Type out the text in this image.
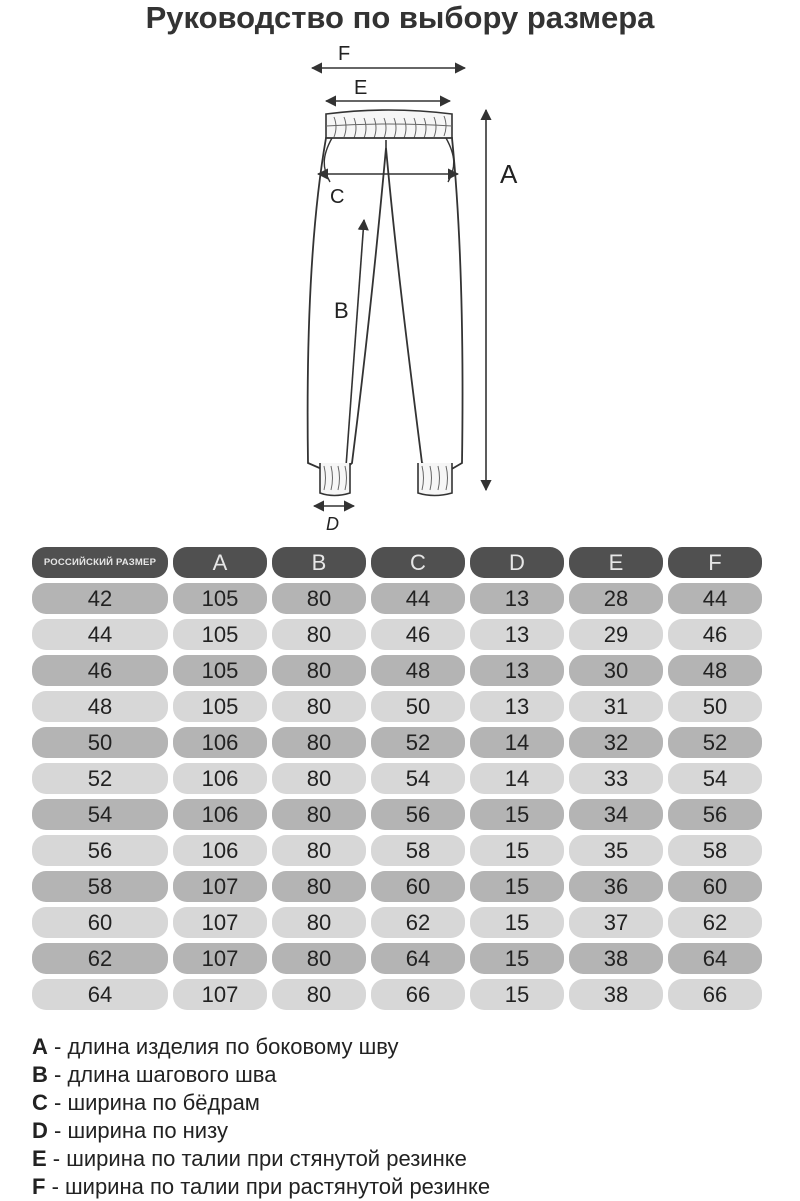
Руководство по выбору размера
F
E
A
C
B
D
РОССИЙСКИЙ РАЗМЕР	A	B	C	D	E	F
42	105	80	44	13	28	44
44	105	80	46	13	29	46
46	105	80	48	13	30	48
48	105	80	50	13	31	50
50	106	80	52	14	32	52
52	106	80	54	14	33	54
54	106	80	56	15	34	56
56	106	80	58	15	35	58
58	107	80	60	15	36	60
60	107	80	62	15	37	62
62	107	80	64	15	38	64
64	107	80	66	15	38	66
A - длина изделия по боковому шву
B - длина шагового шва
C - ширина по бёдрам
D - ширина по низу
E - ширина по талии при стянутой резинке
F - ширина по талии при растянутой резинке
